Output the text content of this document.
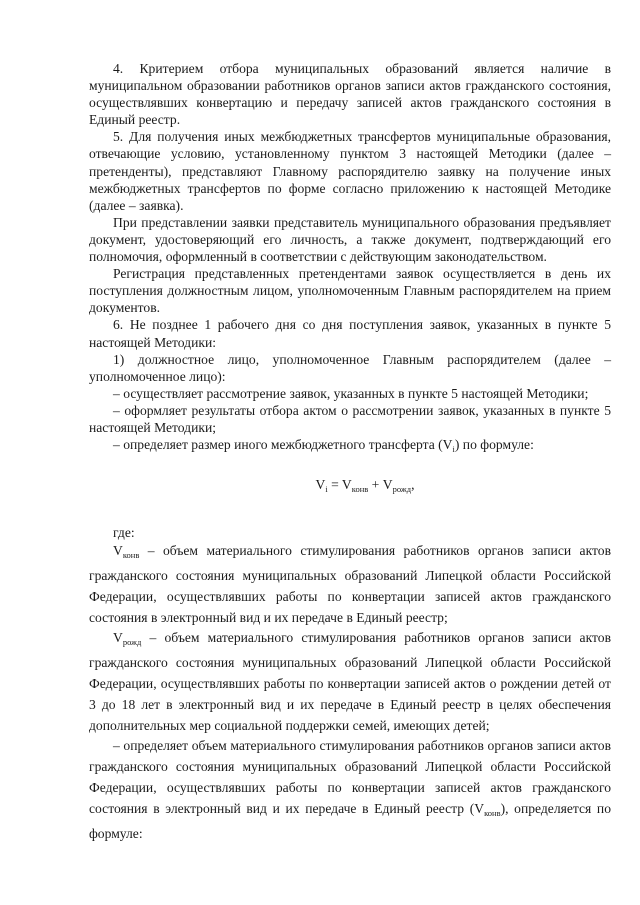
4. Критерием отбора муниципальных образований является наличие в муниципальном образовании работников органов записи актов гражданского состояния, осуществлявших конвертацию и передачу записей актов гражданского состояния в Единый реестр.

5. Для получения иных межбюджетных трансфертов муниципальные образования, отвечающие условию, установленному пунктом 3 настоящей Методики (далее – претенденты), представляют Главному распорядителю заявку на получение иных межбюджетных трансфертов по форме согласно приложению к настоящей Методике (далее – заявка).

При представлении заявки представитель муниципального образования предъявляет документ, удостоверяющий его личность, а также документ, подтверждающий его полномочия, оформленный в соответствии с действующим законодательством.

Регистрация представленных претендентами заявок осуществляется в день их поступления должностным лицом, уполномоченным Главным распорядителем на прием документов.

6. Не позднее 1 рабочего дня со дня поступления заявок, указанных в пункте 5 настоящей Методики:

1) должностное лицо, уполномоченное Главным распорядителем (далее – уполномоченное лицо):

– осуществляет рассмотрение заявок, указанных в пункте 5 настоящей Методики;

– оформляет результаты отбора актом о рассмотрении заявок, указанных в пункте 5 настоящей Методики;

– определяет размер иного межбюджетного трансферта $(V_i)$ по формуле:

$V_i = V_{конв} + V_{рожд}$,

где:

$V_{конв}$ – объем материального стимулирования работников органов записи актов гражданского состояния муниципальных образований Липецкой области Российской Федерации, осуществлявших работы по конвертации записей актов гражданского состояния в электронный вид и их передаче в Единый реестр;

$V_{рожд}$ – объем материального стимулирования работников органов записи актов гражданского состояния муниципальных образований Липецкой области Российской Федерации, осуществлявших работы по конвертации записей актов о рождении детей от 3 до 18 лет в электронный вид и их передаче в Единый реестр в целях обеспечения дополнительных мер социальной поддержки семей, имеющих детей;

– определяет объем материального стимулирования работников органов записи актов гражданского состояния муниципальных образований Липецкой области Российской Федерации, осуществлявших работы по конвертации записей актов гражданского состояния в электронный вид и их передаче в Единый реестр $(V_{конв})$, определяется по формуле:
